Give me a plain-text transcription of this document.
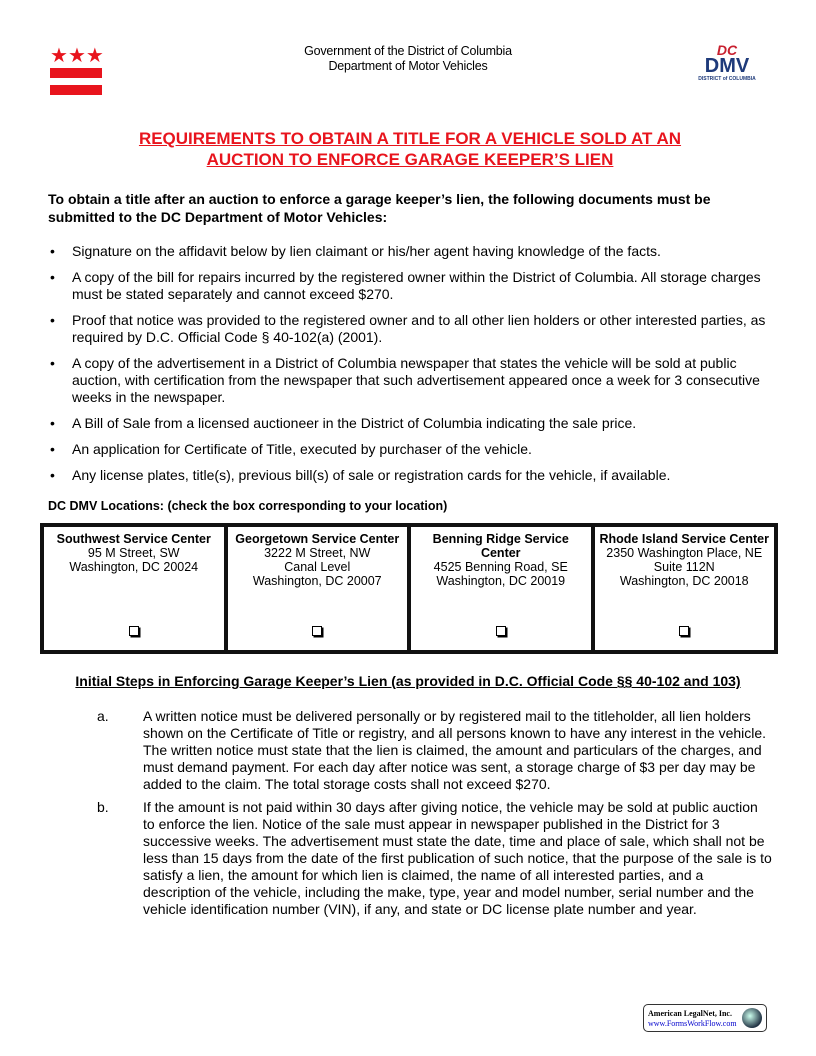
★ ★ ★	Government of the District of Columbia
Department of Motor Vehicles
DC
DMV
DISTRICT of COLUMBIA
REQUIREMENTS TO OBTAIN A TITLE FOR A VEHICLE SOLD AT AN
AUCTION TO ENFORCE GARAGE KEEPER’S LIEN
To obtain a title after an auction to enforce a garage keeper’s lien, the following documents must be submitted to the DC Department of Motor Vehicles:
• Signature on the affidavit below by lien claimant or his/her agent having knowledge of the facts.
• A copy of the bill for repairs incurred by the registered owner within the District of Columbia. All storage charges must be stated separately and cannot exceed $270.
• Proof that notice was provided to the registered owner and to all other lien holders or other interested parties, as required by D.C. Official Code § 40-102(a) (2001).
• A copy of the advertisement in a District of Columbia newspaper that states the vehicle will be sold at public auction, with certification from the newspaper that such advertisement appeared once a week for 3 consecutive weeks in the newspaper.
• A Bill of Sale from a licensed auctioneer in the District of Columbia indicating the sale price.
• An application for Certificate of Title, executed by purchaser of the vehicle.
• Any license plates, title(s), previous bill(s) of sale or registration cards for the vehicle, if available.
DC DMV Locations: (check the box corresponding to your location)
Southwest Service Center
95 M Street, SW
Washington, DC 20024
Georgetown Service Center
3222 M Street, NW
Canal Level
Washington, DC 20007
Benning Ridge Service Center
4525 Benning Road, SE
Washington, DC 20019
Rhode Island Service Center
2350 Washington Place, NE
Suite 112N
Washington, DC 20018
Initial Steps in Enforcing Garage Keeper’s Lien (as provided in D.C. Official Code §§ 40-102 and 103)
a. A written notice must be delivered personally or by registered mail to the titleholder, all lien holders shown on the Certificate of Title or registry, and all persons known to have any interest in the vehicle. The written notice must state that the lien is claimed, the amount and particulars of the charges, and must demand payment. For each day after notice was sent, a storage charge of $3 per day may be added to the claim. The total storage costs shall not exceed $270.
b. If the amount is not paid within 30 days after giving notice, the vehicle may be sold at public auction to enforce the lien. Notice of the sale must appear in newspaper published in the District for 3 successive weeks. The advertisement must state the date, time and place of sale, which shall not be less than 15 days from the date of the first publication of such notice, that the purpose of the sale is to satisfy a lien, the amount for which lien is claimed, the name of all interested parties, and a description of the vehicle, including the make, type, year and model number, serial number and the vehicle identification number (VIN), if any, and state or DC license plate number and year.
American LegalNet, Inc.
www.FormsWorkFlow.com
